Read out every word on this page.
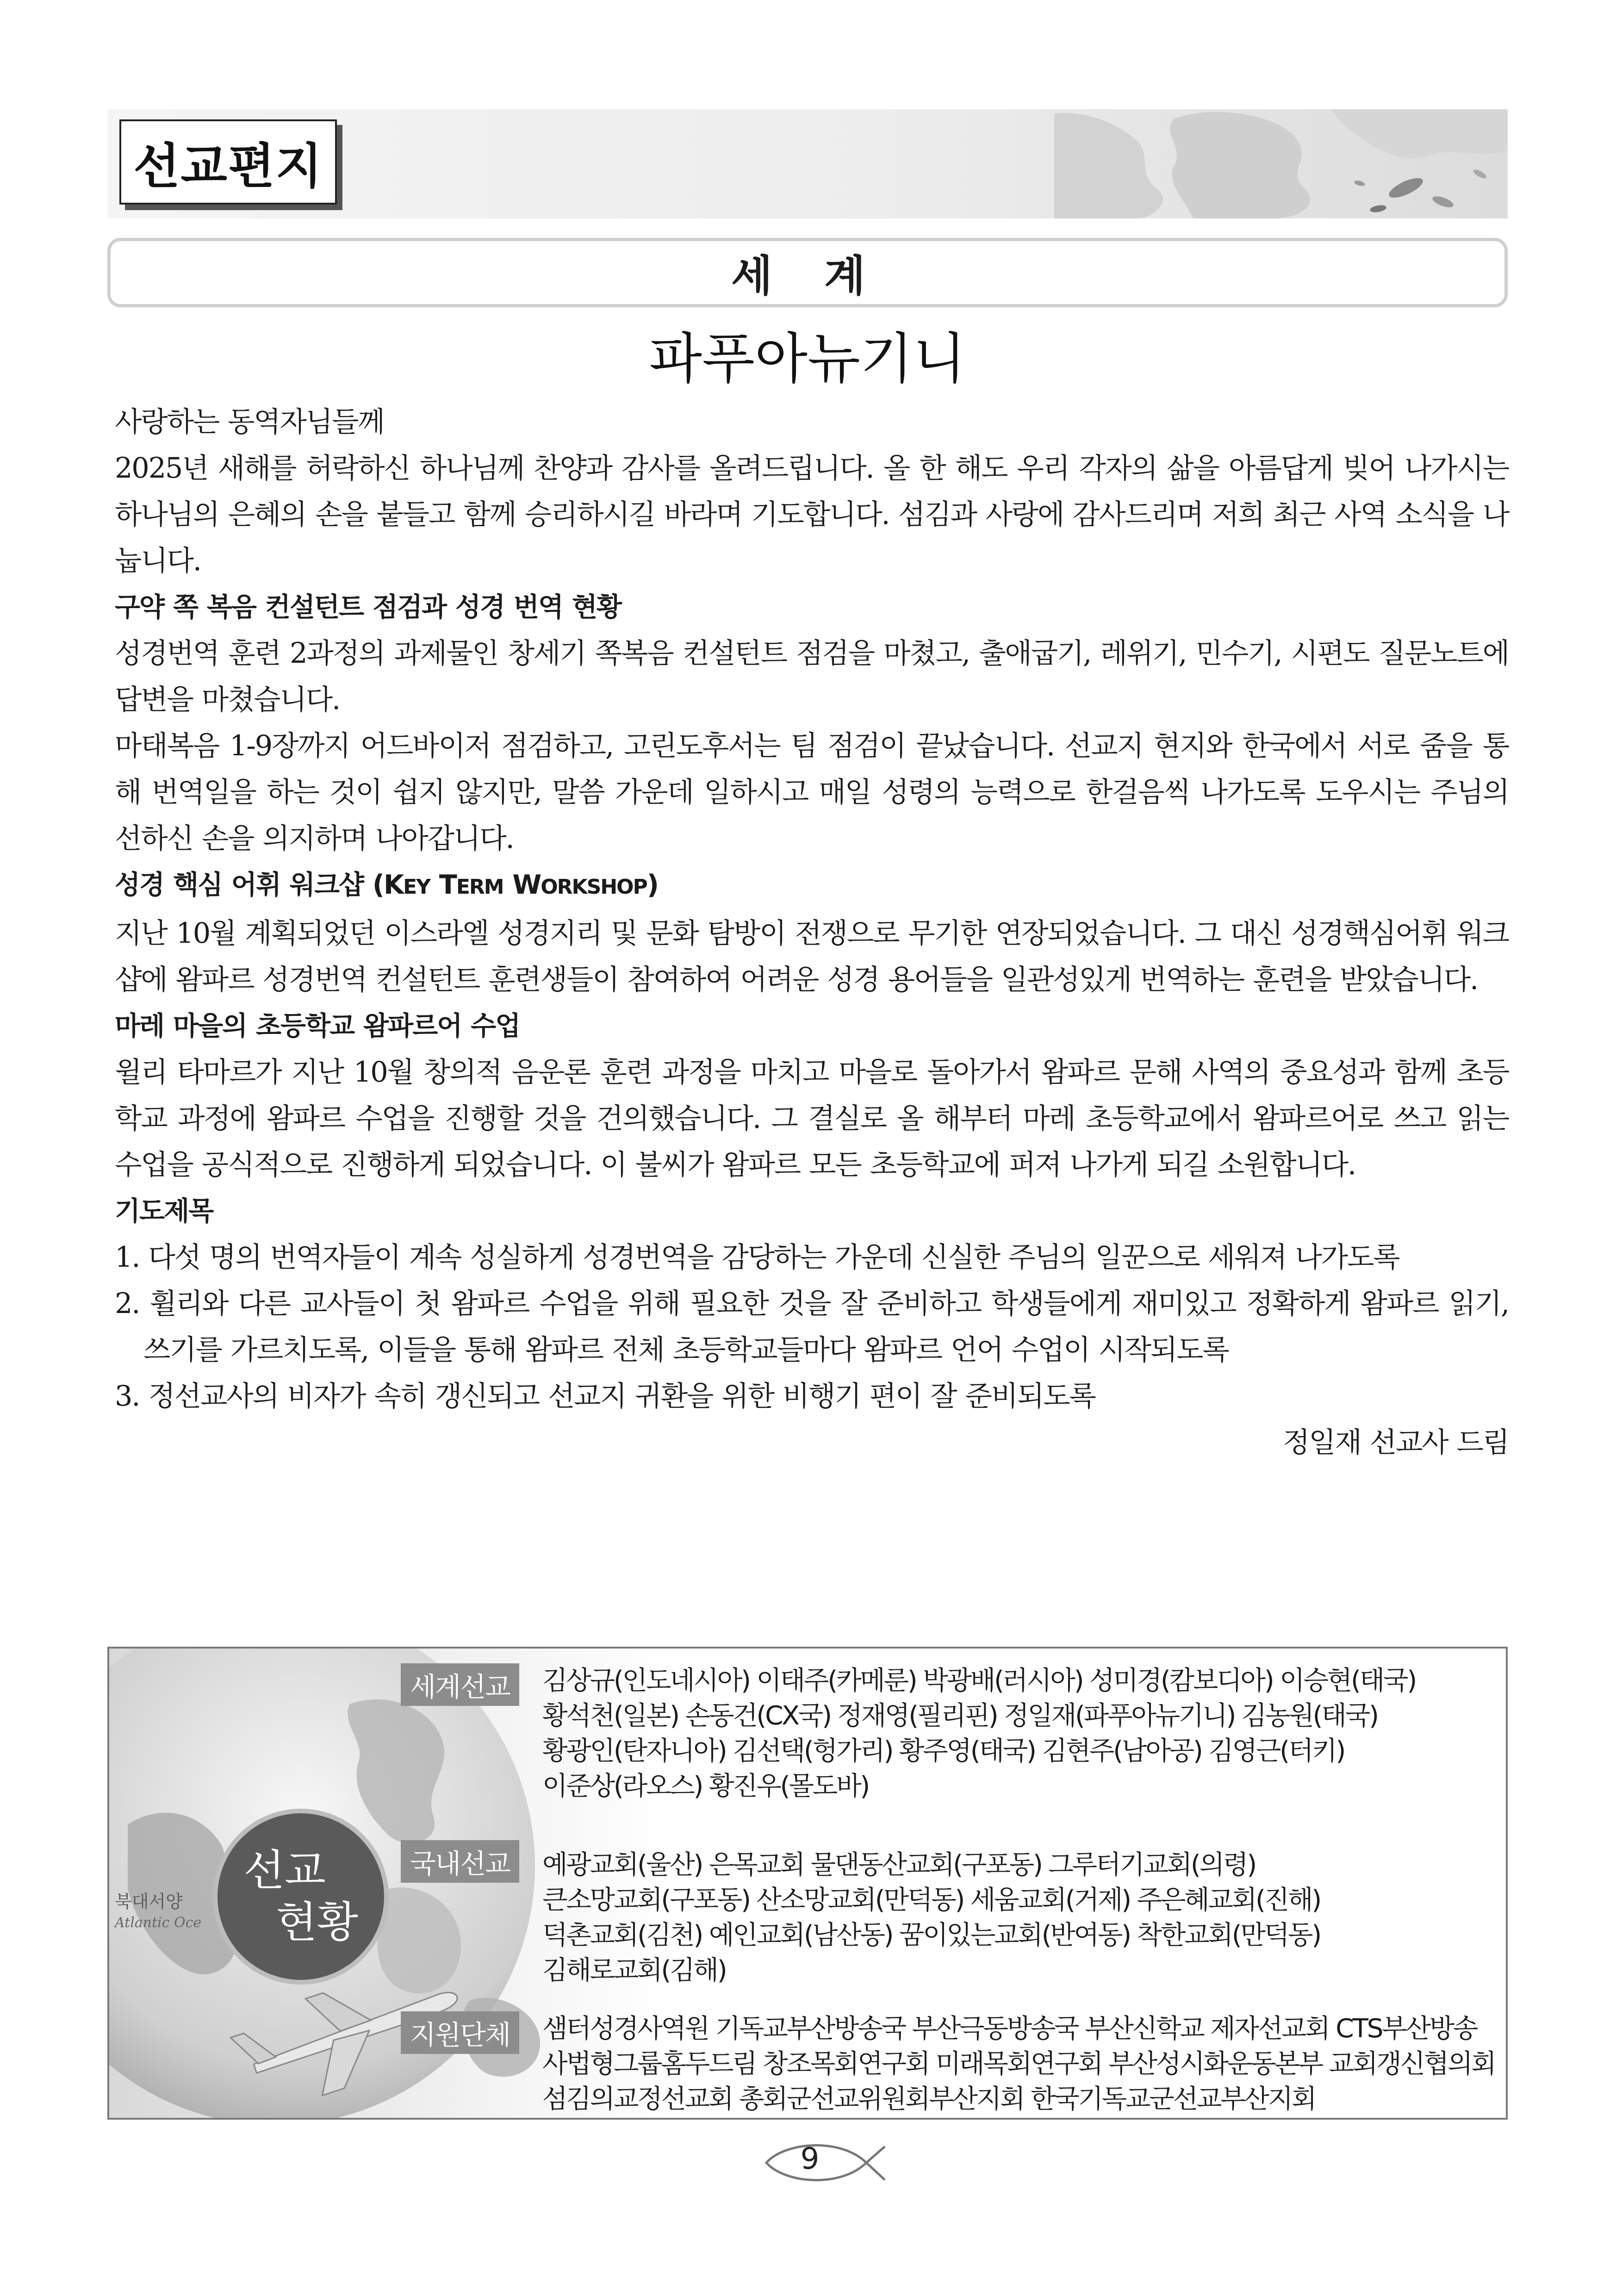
선교편지
세 계
파푸아뉴기니

사랑하는 동역자님들께

2025년 새해를 허락하신 하나님께 찬양과 감사를 올려드립니다. 올 한 해도 우리 각자의 삶을 아름답게 빚어 나가시는 하나님의 은혜의 손을 붙들고 함께 승리하시길 바라며 기도합니다. 섬김과 사랑에 감사드리며 저희 최근 사역 소식을 나눕니다.

구약 쪽 복음 컨설턴트 점검과 성경 번역 현황

성경번역 훈련 2과정의 과제물인 창세기 쪽복음 컨설턴트 점검을 마쳤고, 출애굽기, 레위기, 민수기, 시편도 질문노트에 답변을 마쳤습니다.

마태복음 1-9장까지 어드바이저 점검하고, 고린도후서는 팀 점검이 끝났습니다. 선교지 현지와 한국에서 서로 줌을 통해 번역일을 하는 것이 쉽지 않지만, 말씀 가운데 일하시고 매일 성령의 능력으로 한걸음씩 나가도록 도우시는 주님의 선하신 손을 의지하며 나아갑니다.

성경 핵심 어휘 워크샵 (KEY TERM WORKSHOP)

지난 10월 계획되었던 이스라엘 성경지리 및 문화 탐방이 전쟁으로 무기한 연장되었습니다. 그 대신 성경핵심어휘 워크샵에 왐파르 성경번역 컨설턴트 훈련생들이 참여하여 어려운 성경 용어들을 일관성있게 번역하는 훈련을 받았습니다.

마레 마을의 초등학교 왐파르어 수업

윌리 타마르가 지난 10월 창의적 음운론 훈련 과정을 마치고 마을로 돌아가서 왐파르 문해 사역의 중요성과 함께 초등학교 과정에 왐파르 수업을 진행할 것을 건의했습니다. 그 결실로 올 해부터 마레 초등학교에서 왐파르어로 쓰고 읽는 수업을 공식적으로 진행하게 되었습니다. 이 불씨가 왐파르 모든 초등학교에 퍼져 나가게 되길 소원합니다.

기도제목

1. 다섯 명의 번역자들이 계속 성실하게 성경번역을 감당하는 가운데 신실한 주님의 일꾼으로 세워져 나가도록
2. 휠리와 다른 교사들이 첫 왐파르 수업을 위해 필요한 것을 잘 준비하고 학생들에게 재미있고 정확하게 왐파르 읽기, 쓰기를 가르치도록, 이들을 통해 왐파르 전체 초등학교들마다 왐파르 언어 수업이 시작되도록
3. 정선교사의 비자가 속히 갱신되고 선교지 귀환을 위한 비행기 편이 잘 준비되도록

정일재 선교사 드림

북대서양
Atlantic Oce
선교
현황
세계선교	김상규(인도네시아) 이태주(카메룬) 박광배(러시아) 성미경(캄보디아) 이승현(태국)
황석천(일본) 손동건(CX국) 정재영(필리핀) 정일재(파푸아뉴기니) 김농원(태국)
황광인(탄자니아) 김선택(헝가리) 황주영(태국) 김현주(남아공) 김영근(터키)
이준상(라오스) 황진우(몰도바)
국내선교	예광교회(울산) 은목교회 물댄동산교회(구포동) 그루터기교회(의령)
큰소망교회(구포동) 산소망교회(만덕동) 세움교회(거제) 주은혜교회(진해)
덕촌교회(김천) 예인교회(남산동) 꿈이있는교회(반여동) 착한교회(만덕동)
김해로교회(김해)
지원단체	샘터성경사역원 기독교부산방송국 부산극동방송국 부산신학교 제자선교회 CTS부산방송
사법형그룹홈두드림 창조목회연구회 미래목회연구회 부산성시화운동본부 교회갱신협의회
섬김의교정선교회 총회군선교위원회부산지회 한국기독교군선교부산지회
9
